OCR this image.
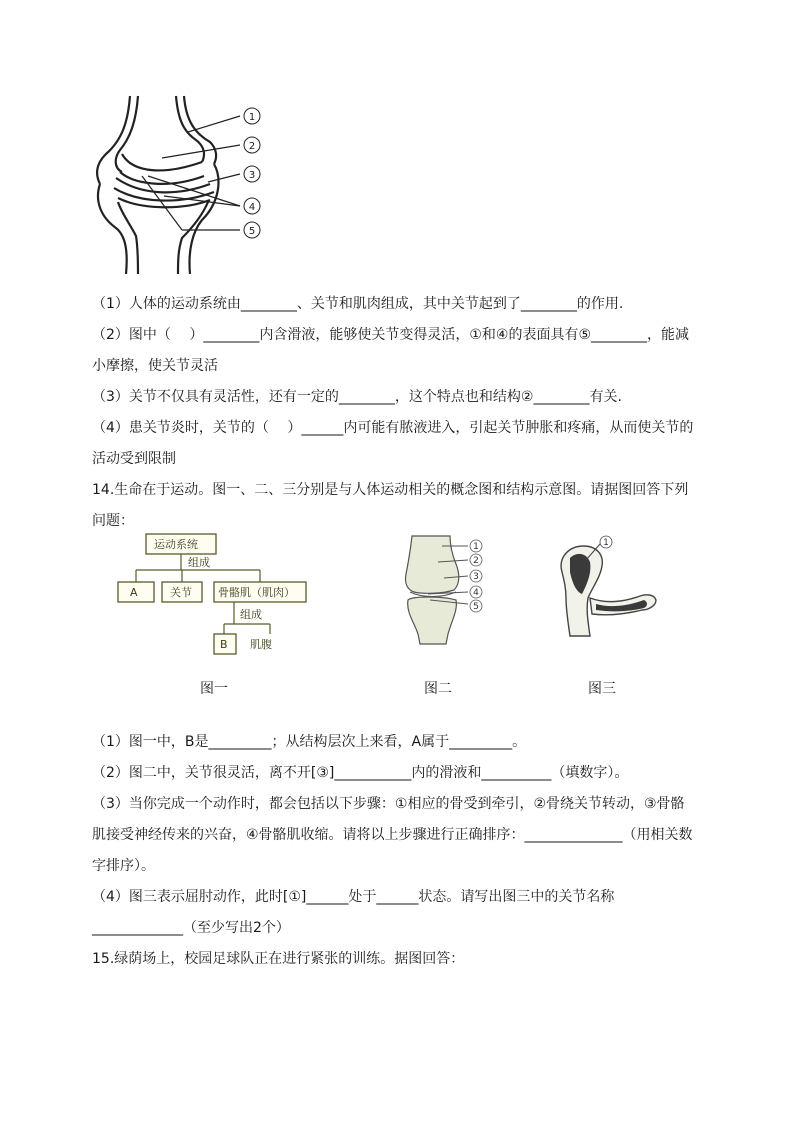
1
2
3
4
5
（1）人体的运动系统由________、关节和肌肉组成，其中关节起到了________的作用.
（2）图中（　 ）________内含滑液，能够使关节变得灵活，①和④的表面具有⑤________，能减
小摩擦，使关节灵活
（3）关节不仅具有灵活性，还有一定的________，这个特点也和结构②________有关.
（4）患关节炎时，关节的（　 ）______内可能有脓液进入，引起关节肿胀和疼痛，从而使关节的
活动受到限制
14.生命在于运动。图一、二、三分别是与人体运动相关的概念图和结构示意图。请据图回答下列
问题：
运动系统
组成
A	关节 骨骼肌（肌肉）
组成
B 肌腹
1
2
3
4
5
1
图一	图二	图三
（1）图一中，B是_________；从结构层次上来看，A属于_________。
（2）图二中，关节很灵活，离不开[③]___________内的滑液和__________（填数字）。
（3）当你完成一个动作时，都会包括以下步骤：①相应的骨受到牵引，②骨绕关节转动，③骨骼
肌接受神经传来的兴奋，④骨骼肌收缩。请将以上步骤进行正确排序：______________（用相关数
字排序）。
（4）图三表示屈肘动作，此时[①]______处于______状态。请写出图三中的关节名称
_____________（至少写出2个）
15.绿荫场上，校园足球队正在进行紧张的训练。据图回答：
